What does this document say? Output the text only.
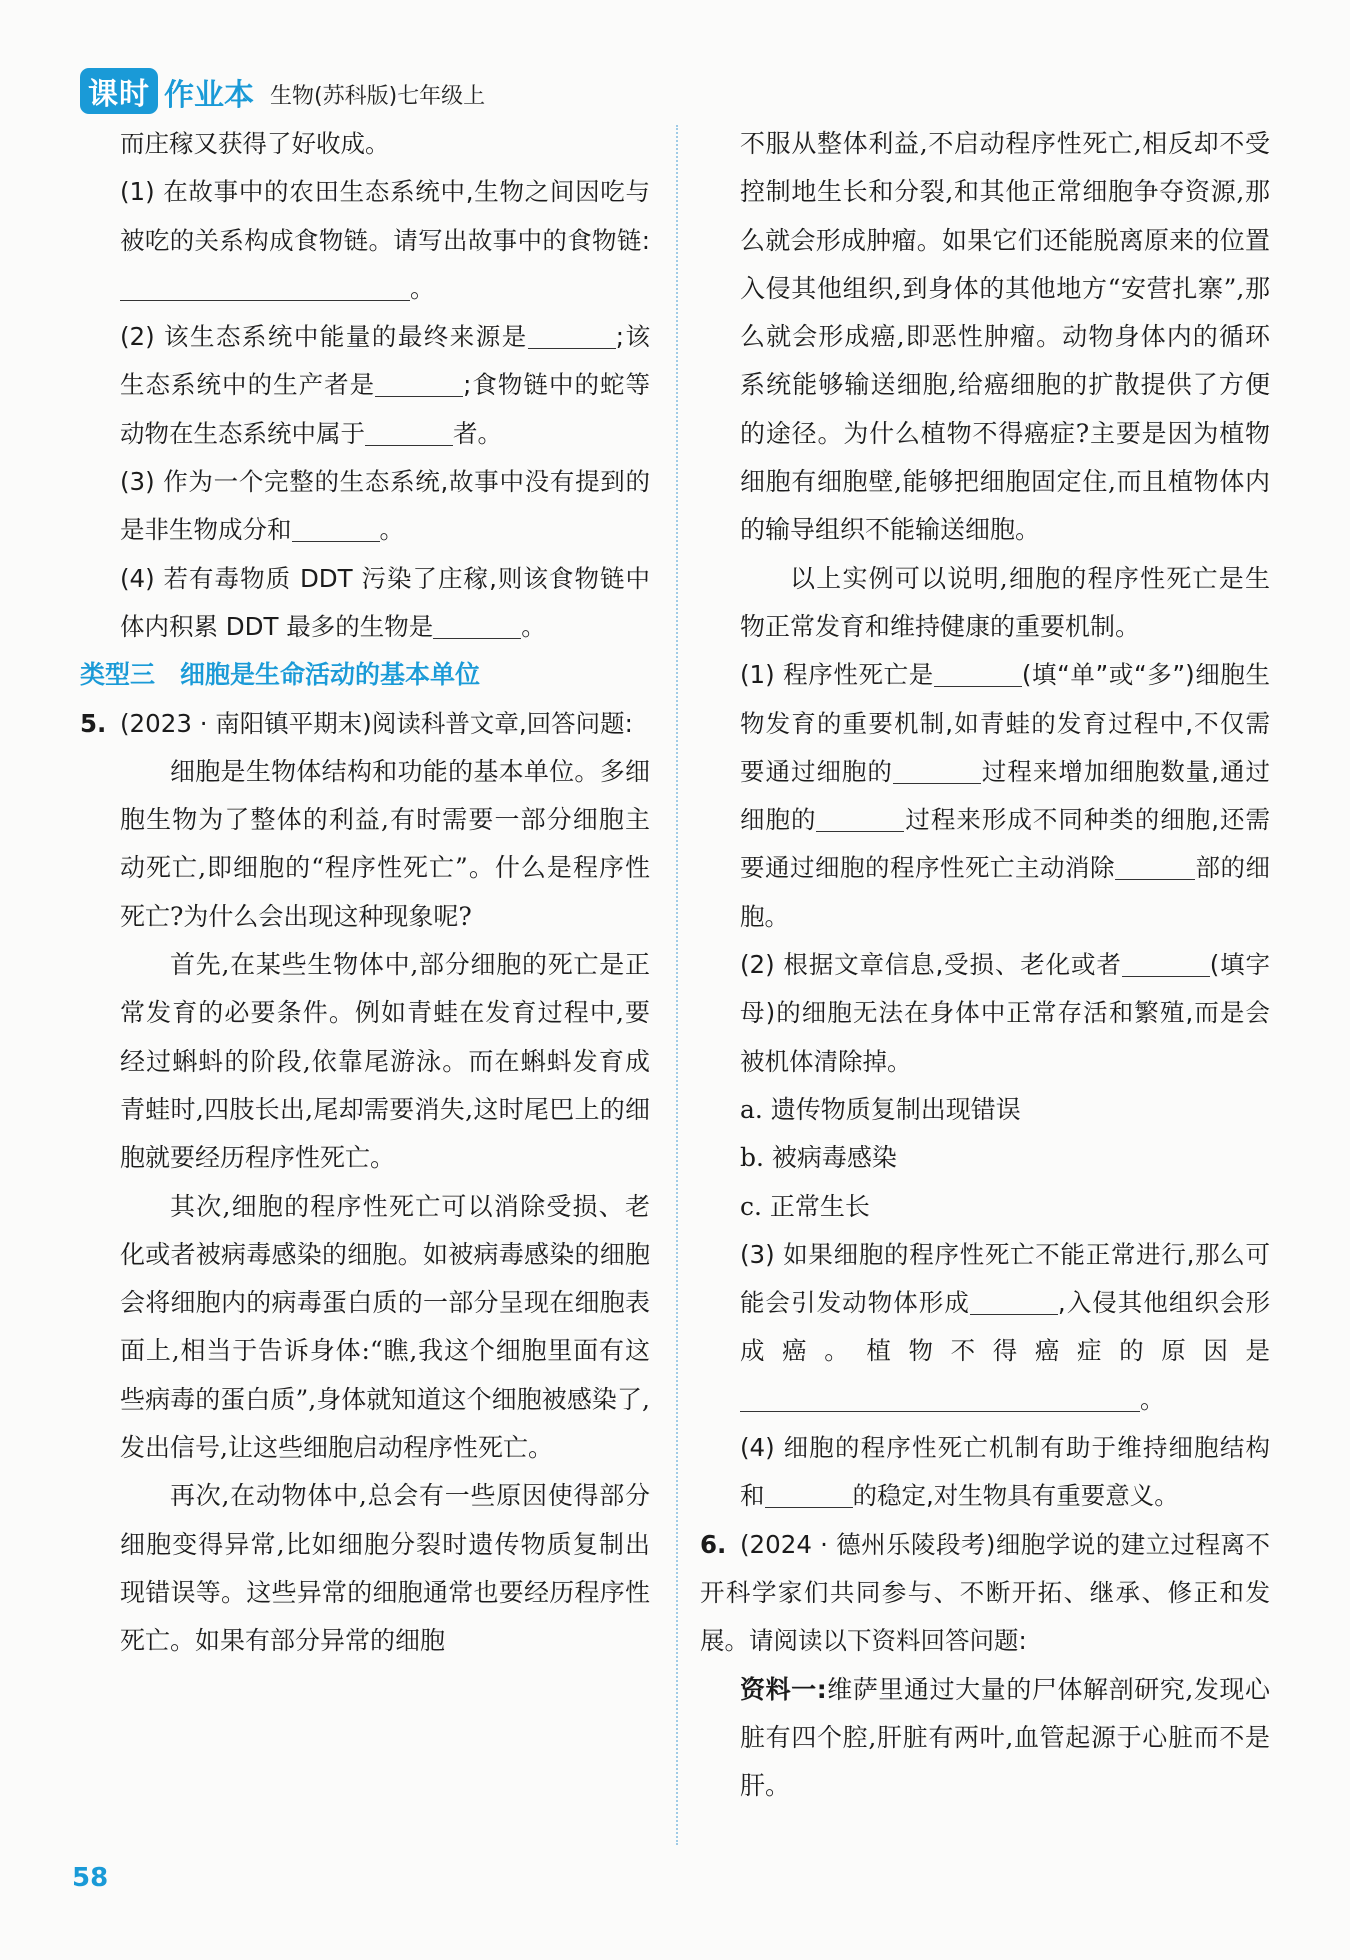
课时 作业本 生物(苏科版)七年级上

而庄稼又获得了好收成。

(1) 在故事中的农田生态系统中,生物之间因吃与被吃的关系构成食物链。请写出故事中的食物链:。

(2) 该生态系统中能量的最终来源是	;该生态系统中的生产者是	;食物链中的蛇等动物在生态系统中属于	者。

(3) 作为一个完整的生态系统,故事中没有提到的是非生物成分和	。

(4) 若有毒物质 DDT 污染了庄稼,则该食物链中体内积累 DDT 最多的生物是	。

类型三　细胞是生命活动的基本单位

5. (2023 · 南阳镇平期末)阅读科普文章,回答问题:

细胞是生物体结构和功能的基本单位。多细胞生物为了整体的利益,有时需要一部分细胞主动死亡,即细胞的“程序性死亡”。什么是程序性死亡?为什么会出现这种现象呢?

首先,在某些生物体中,部分细胞的死亡是正常发育的必要条件。例如青蛙在发育过程中,要经过蝌蚪的阶段,依靠尾游泳。而在蝌蚪发育成青蛙时,四肢长出,尾却需要消失,这时尾巴上的细胞就要经历程序性死亡。

其次,细胞的程序性死亡可以消除受损、老化或者被病毒感染的细胞。如被病毒感染的细胞会将细胞内的病毒蛋白质的一部分呈现在细胞表面上,相当于告诉身体:“瞧,我这个细胞里面有这些病毒的蛋白质”,身体就知道这个细胞被感染了,发出信号,让这些细胞启动程序性死亡。

再次,在动物体中,总会有一些原因使得部分细胞变得异常,比如细胞分裂时遗传物质复制出现错误等。这些异常的细胞通常也要经历程序性死亡。如果有部分异常的细胞

不服从整体利益,不启动程序性死亡,相反却不受控制地生长和分裂,和其他正常细胞争夺资源,那么就会形成肿瘤。如果它们还能脱离原来的位置入侵其他组织,到身体的其他地方“安营扎寨”,那么就会形成癌,即恶性肿瘤。动物身体内的循环系统能够输送细胞,给癌细胞的扩散提供了方便的途径。为什么植物不得癌症?主要是因为植物细胞有细胞壁,能够把细胞固定住,而且植物体内的输导组织不能输送细胞。

以上实例可以说明,细胞的程序性死亡是生物正常发育和维持健康的重要机制。

(1) 程序性死亡是	(填“单”或“多”)细胞生物发育的重要机制,如青蛙的发育过程中,不仅需要通过细胞的	过程来增加细胞数量,通过细胞的	过程来形成不同种类的细胞,还需要通过细胞的程序性死亡主动消除	部的细胞。

(2) 根据文章信息,受损、老化或者	(填字母)的细胞无法在身体中正常存活和繁殖,而是会被机体清除掉。

a. 遗传物质复制出现错误

b. 被病毒感染

c. 正常生长

(3) 如果细胞的程序性死亡不能正常进行,那么可能会引发动物体形成	,入侵其他组织会形成癌。植物不得癌症的原因是。

(4) 细胞的程序性死亡机制有助于维持细胞结构和	的稳定,对生物具有重要意义。

6. (2024 · 德州乐陵段考)细胞学说的建立过程离不开科学家们共同参与、不断开拓、继承、修正和发展。请阅读以下资料回答问题:

资料一:维萨里通过大量的尸体解剖研究,发现心脏有四个腔,肝脏有两叶,血管起源于心脏而不是肝。

58
